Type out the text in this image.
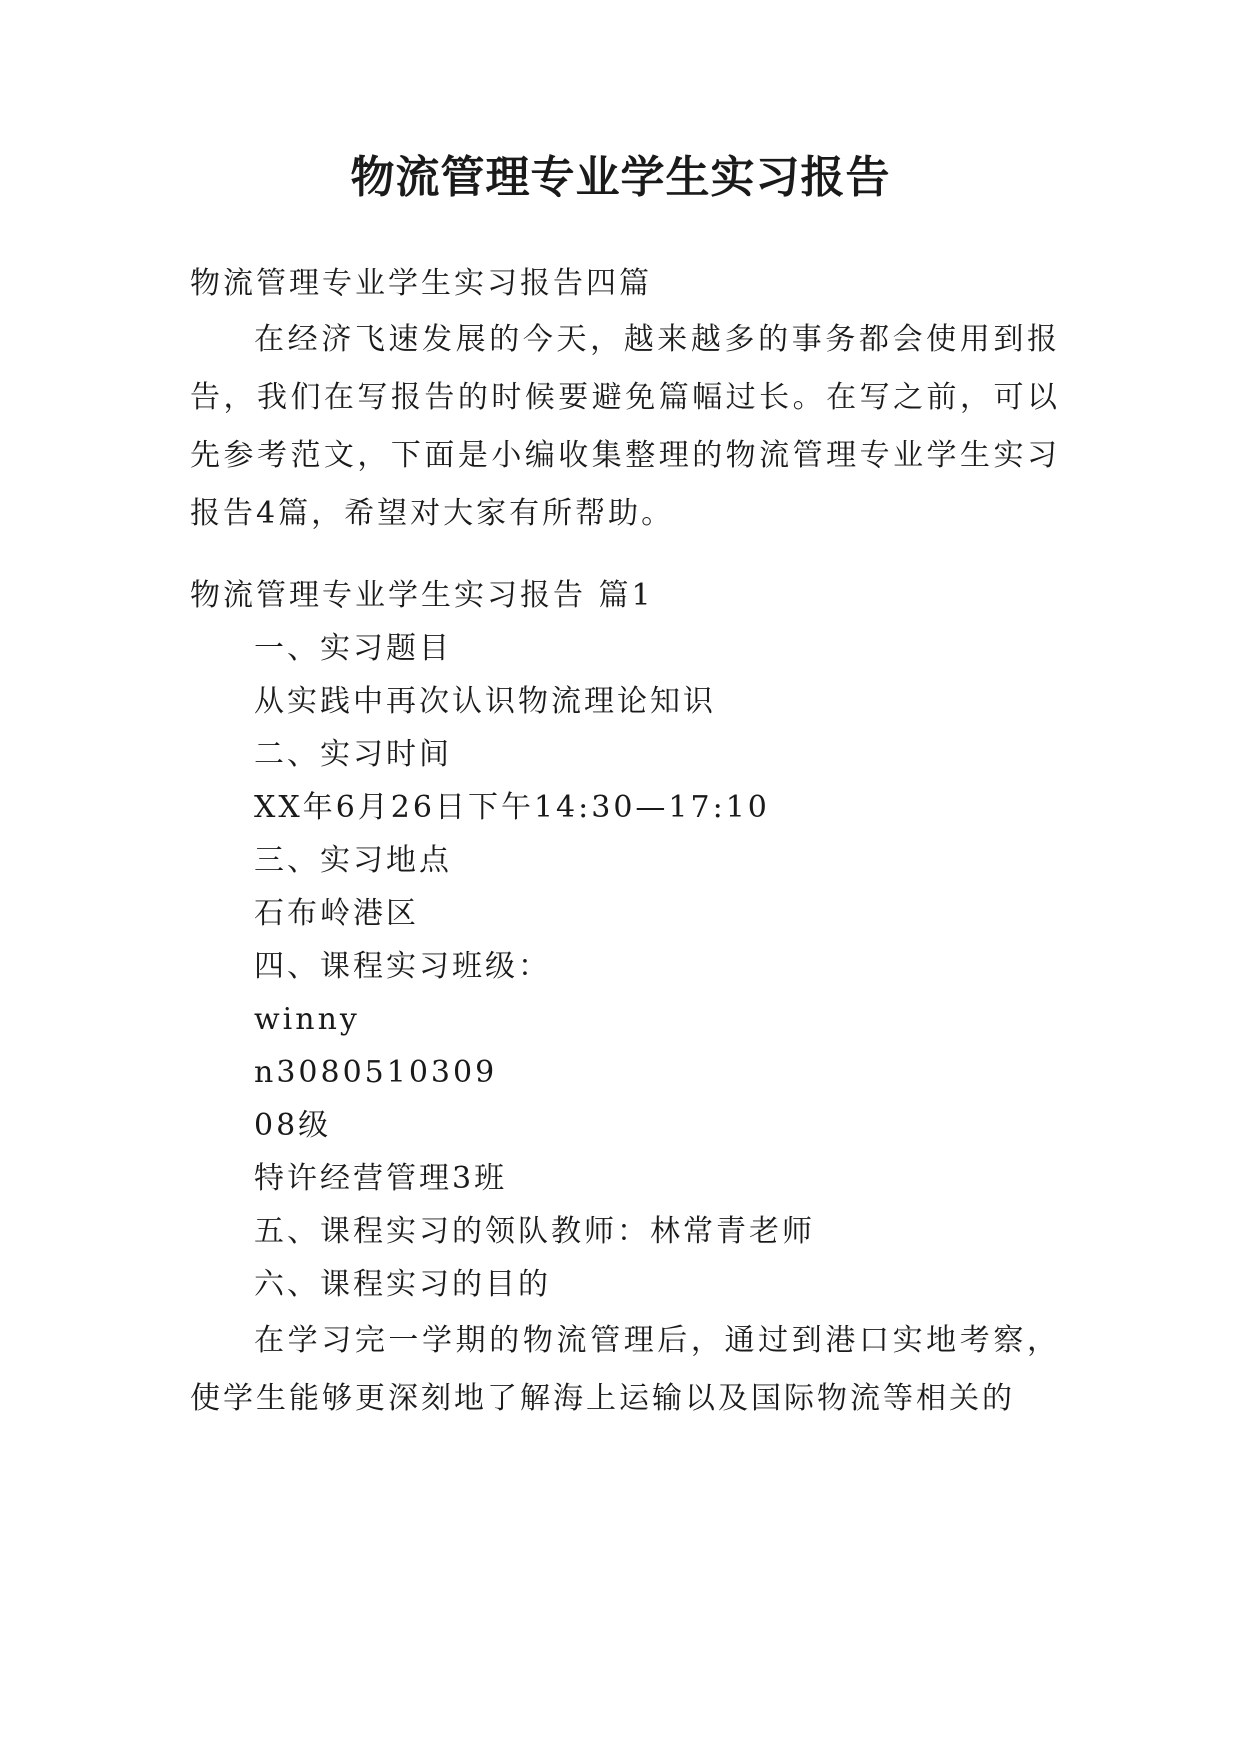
物流管理专业学生实习报告
物流管理专业学生实习报告四篇
在经济飞速发展的今天，越来越多的事务都会使用到报告，我们在写报告的时候要避免篇幅过长。在写之前，可以先参考范文，下面是小编收集整理的物流管理专业学生实习报告4篇，希望对大家有所帮助。
物流管理专业学生实习报告 篇1
一、实习题目
从实践中再次认识物流理论知识
二、实习时间
XX年6月26日下午14:30—17:10
三、实习地点
石布岭港区
四、课程实习班级：
winny
n3080510309
08级
特许经营管理3班
五、课程实习的领队教师：林常青老师
六、课程实习的目的
在学习完一学期的物流管理后，通过到港口实地考察，使学生能够更深刻地了解海上运输以及国际物流等相关的
